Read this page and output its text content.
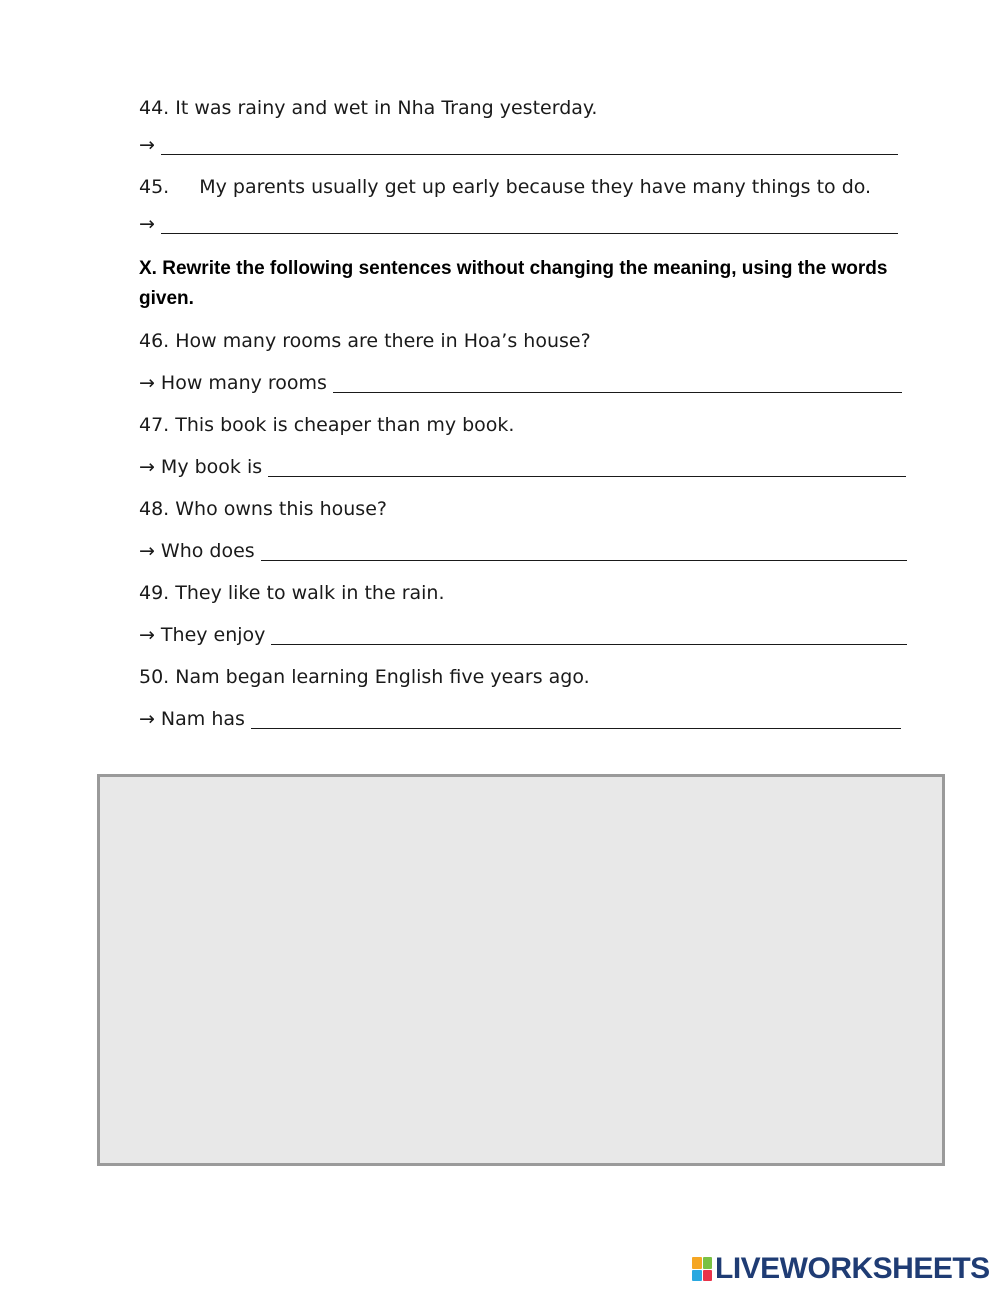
44. It was rainy and wet in Nha Trang yesterday.
→
45. My parents usually get up early because they have many things to do.
→
X. Rewrite the following sentences without changing the meaning, using the words given.
46. How many rooms are there in Hoa’s house?
→ How many rooms
47. This book is cheaper than my book.
→ My book is
48. Who owns this house?
→ Who does
49. They like to walk in the rain.
→ They enjoy
50. Nam began learning English five years ago.
→ Nam has
LIVEWORKSHEETS
